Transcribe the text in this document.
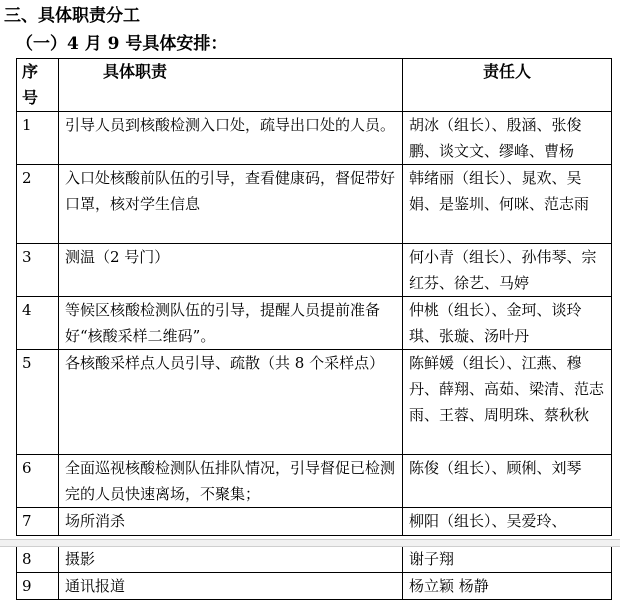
三、具体职责分工
（一）4 月 9 号具体安排：
序号	具体职责	责任人	
1	引导人员到核酸检测入口处，疏导出口处的人员。	胡冰（组长）、殷涵、张俊鹏、谈文文、缪峰、曹杨	
2	入口处核酸前队伍的引导，查看健康码，督促带好口罩，核对学生信息	韩绪丽（组长）、晁欢、吴娟、是鉴圳、何咪、范志雨	
3	测温（2 号门）	何小青（组长）、孙伟琴、宗红芬、徐艺、马婷	
4	等候区核酸检测队伍的引导，提醒人员提前准备好“核酸采样二维码”。	仲桃（组长）、金珂、谈玲琪、张璇、汤叶丹	
5	各核酸采样点人员引导、疏散（共 8 个采样点）	陈鲜媛（组长）、江燕、穆丹、薛翔、高茹、梁清、范志雨、王蓉、周明珠、蔡秋秋	
6	全面巡视核酸检测队伍排队情况，引导督促已检测完的人员快速离场，不聚集；	陈俊（组长）、顾俐、刘琴	
7	场所消杀	柳阳（组长）、吴爱玲、	

8	摄影	谢子翔	
9	通讯报道	杨立颖 杨静	
